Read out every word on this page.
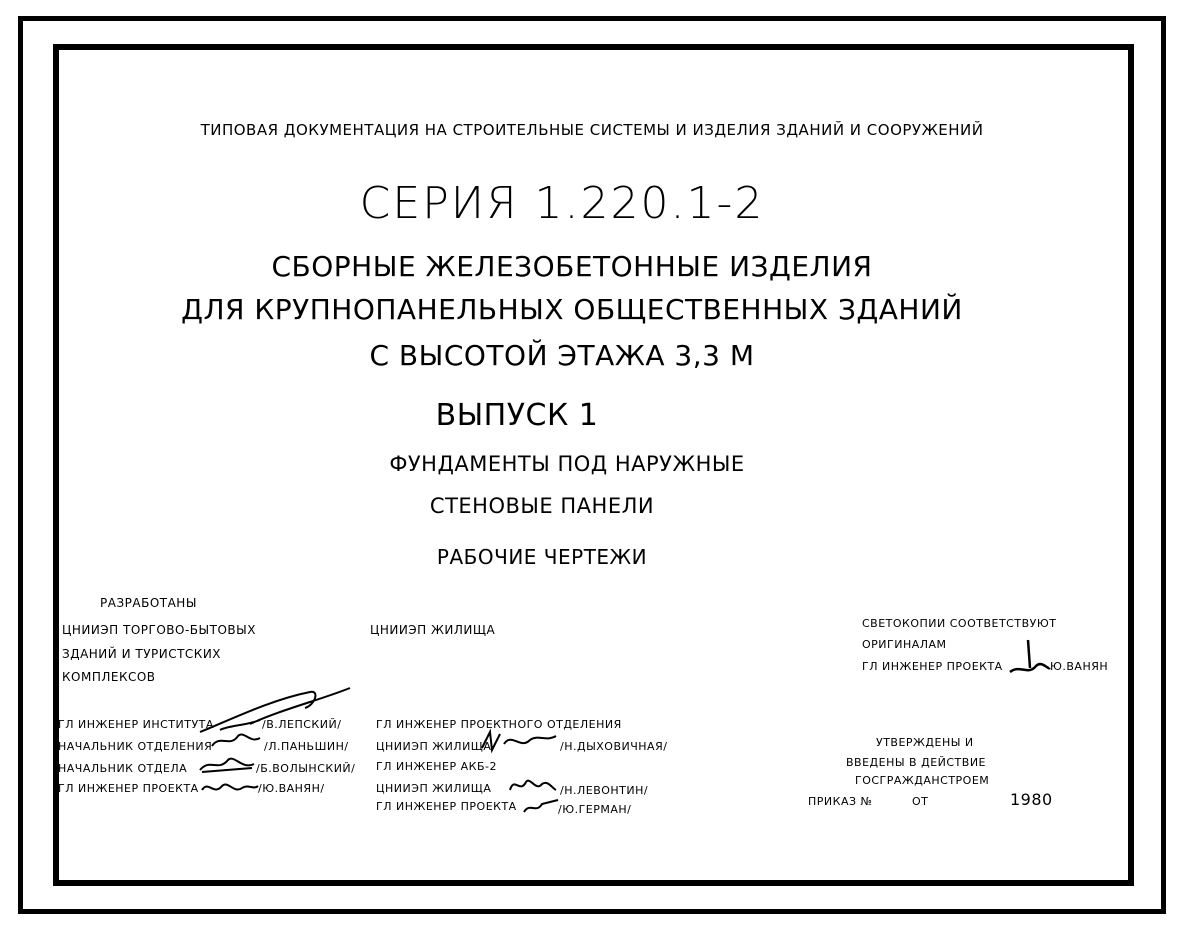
ТИПОВАЯ ДОКУМЕНТАЦИЯ НА СТРОИТЕЛЬНЫЕ СИСТЕМЫ И ИЗДЕЛИЯ ЗДАНИЙ И СООРУЖЕНИЙ
СЕРИЯ 1.220.1-2
СБОРНЫЕ ЖЕЛЕЗОБЕТОННЫЕ ИЗДЕЛИЯ
ДЛЯ КРУПНОПАНЕЛЬНЫХ ОБЩЕСТВЕННЫХ ЗДАНИЙ
С ВЫСОТОЙ ЭТАЖА 3,3 М
ВЫПУСК 1
ФУНДАМЕНТЫ ПОД НАРУЖНЫЕ
СТЕНОВЫЕ ПАНЕЛИ
РАБОЧИЕ ЧЕРТЕЖИ
РАЗРАБОТАНЫ
ЦНИИЭП ТОРГОВО-БЫТОВЫХ
ЗДАНИЙ И ТУРИСТСКИХ
КОМПЛЕКСОВ
ЦНИИЭП ЖИЛИЩА
ГЛ ИНЖЕНЕР ИНСТИТУТА	/В.ЛЕПСКИЙ/
НАЧАЛЬНИК ОТДЕЛЕНИЯ	/Л.ПАНЬШИН/
НАЧАЛЬНИК ОТДЕЛА	/Б.ВОЛЫНСКИЙ/
ГЛ ИНЖЕНЕР ПРОЕКТА	/Ю.ВАНЯН/
ГЛ ИНЖЕНЕР ПРОЕКТНОГО ОТДЕЛЕНИЯ
ЦНИИЭП ЖИЛИЩА	/Н.ДЫХОВИЧНАЯ/
ГЛ ИНЖЕНЕР АКБ-2
ЦНИИЭП ЖИЛИЩА	/Н.ЛЕВОНТИН/
ГЛ ИНЖЕНЕР ПРОЕКТА	/Ю.ГЕРМАН/
СВЕТОКОПИИ СООТВЕТСТВУЮТ
ОРИГИНАЛАМ
ГЛ ИНЖЕНЕР ПРОЕКТА	Ю.ВАНЯН
УТВЕРЖДЕНЫ И
ВВЕДЕНЫ В ДЕЙСТВИЕ
ГОСГРАЖДАНСТРОЕМ
ПРИКАЗ №	ОТ	1980
